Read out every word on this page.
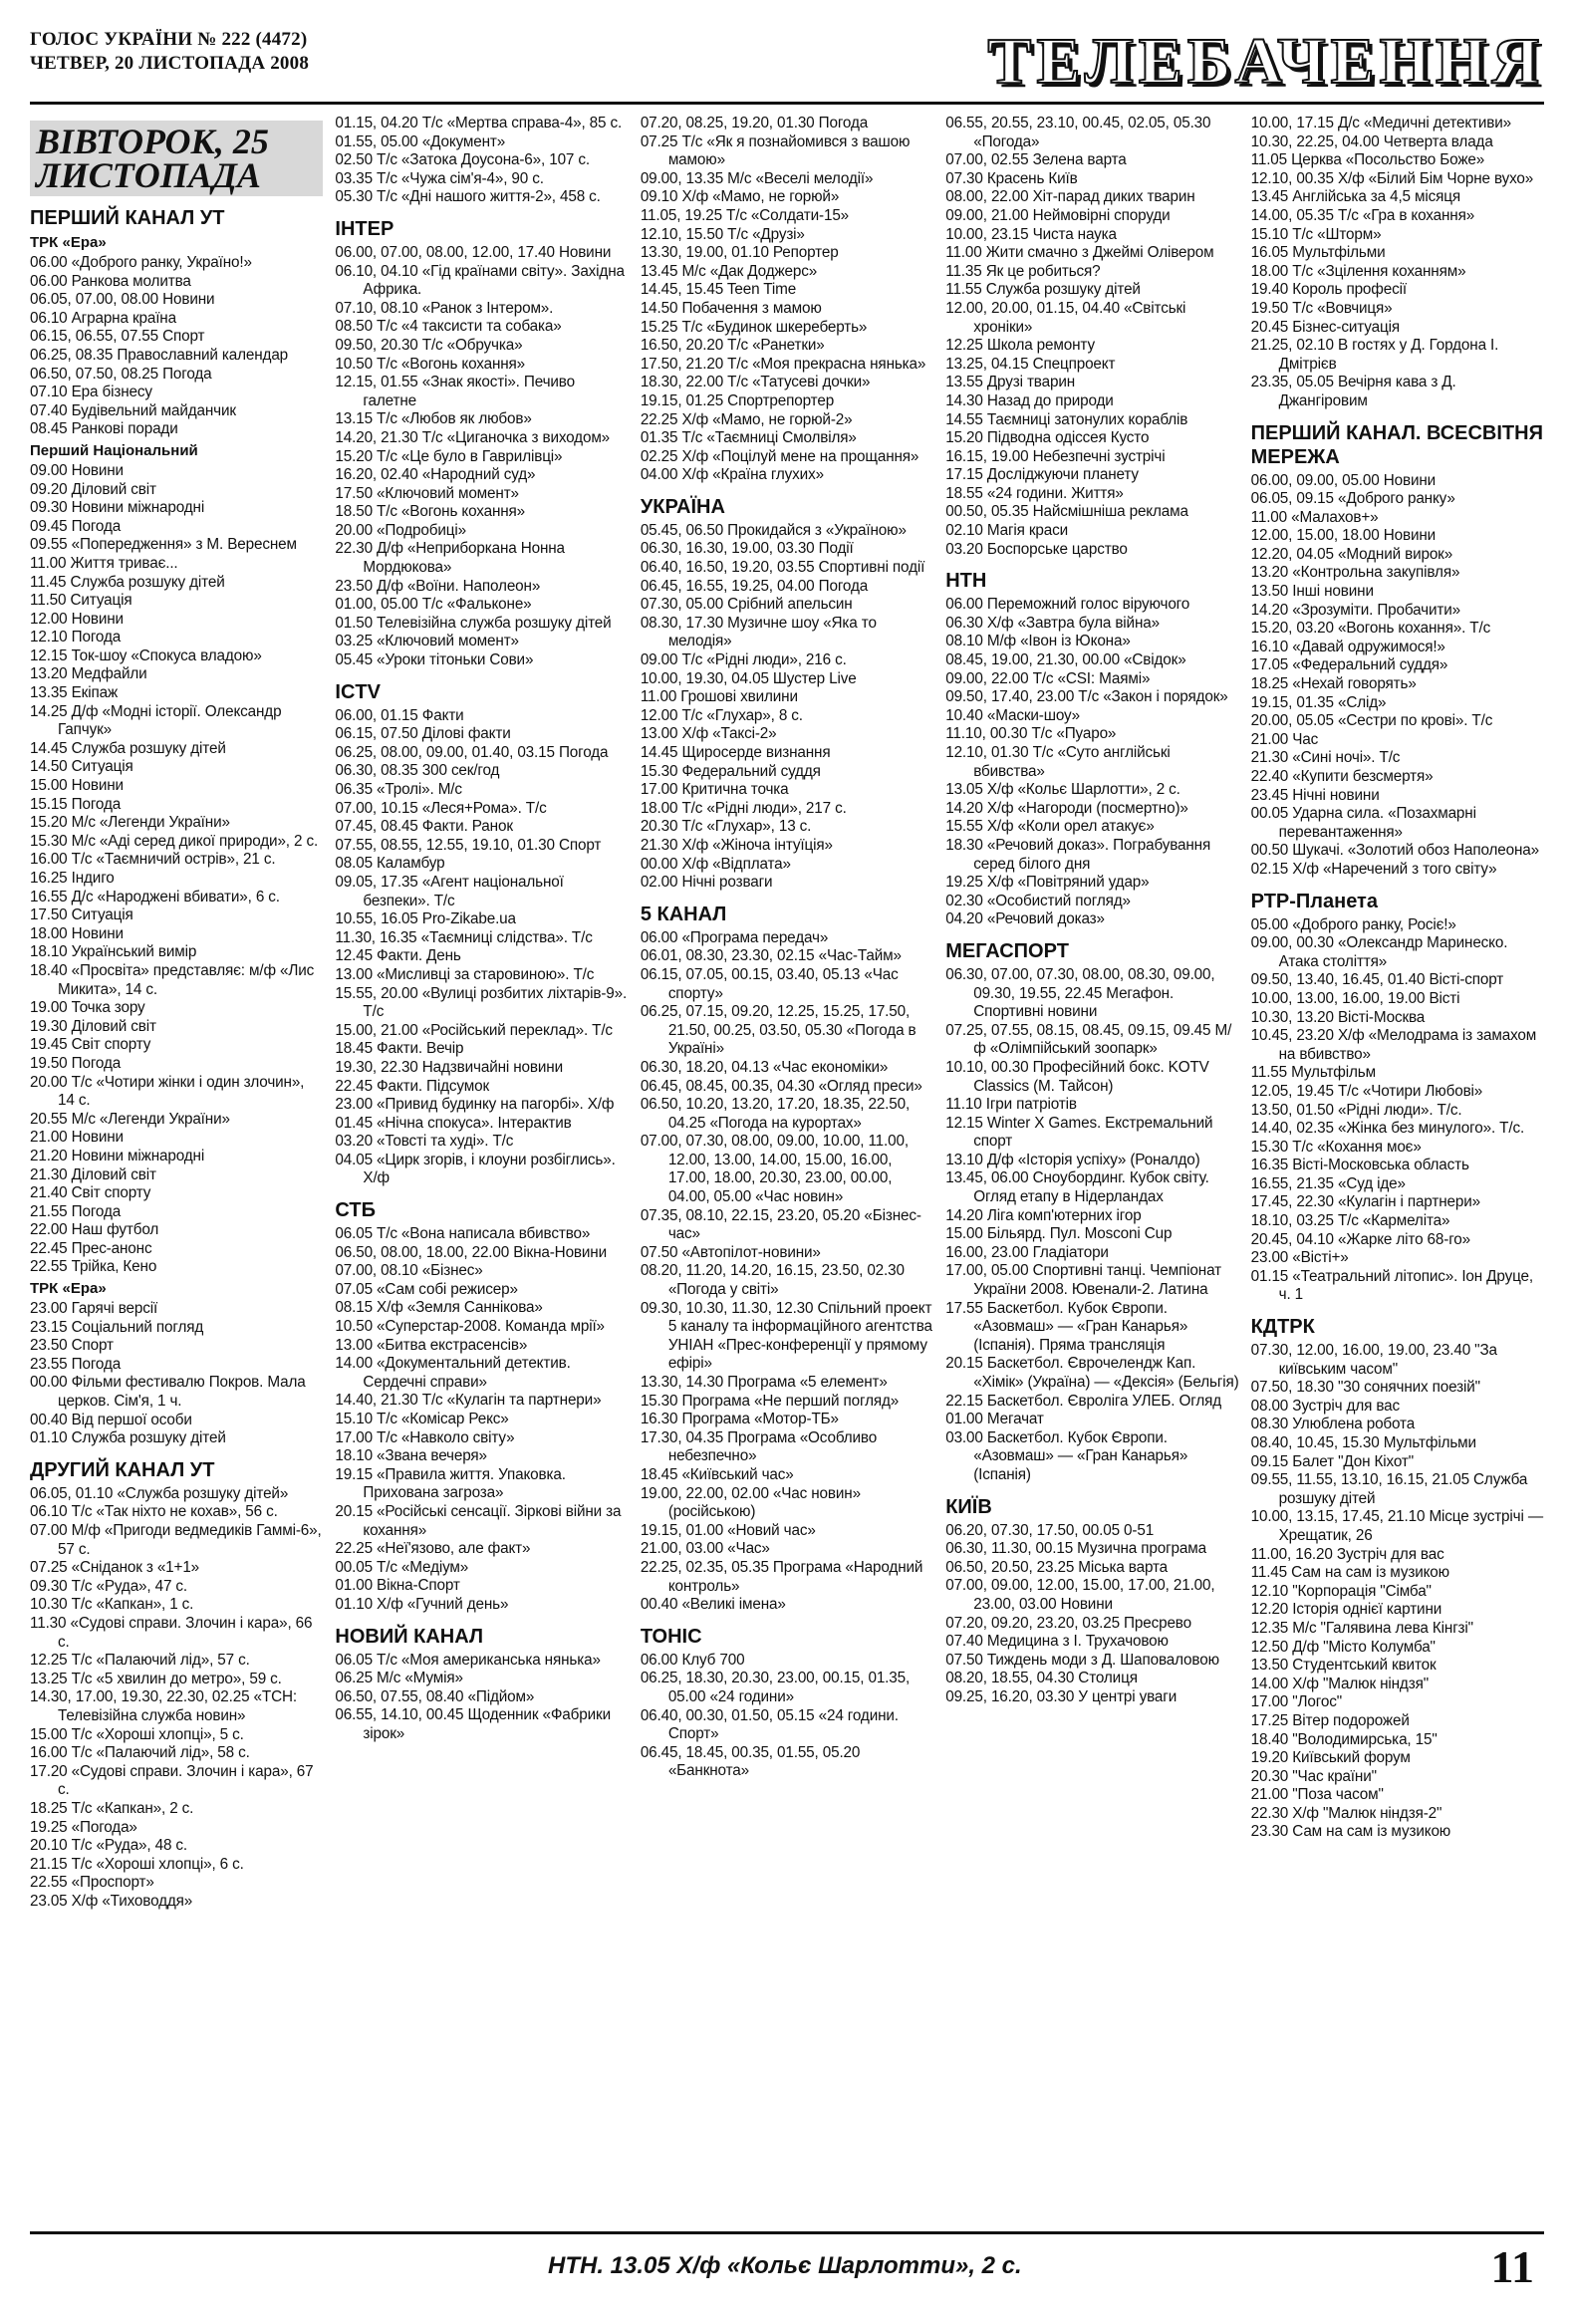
ГОЛОС УКРАЇНИ № 222 (4472)
ЧЕТВЕР, 20 ЛИСТОПАДА 2008	ТЕЛЕБАЧЕННЯ
ВІВТОРОК, 25 ЛИСТОПАДА
ПЕРШИЙ КАНАЛ УТ
ТРК «Ера»
06.00 «Доброго ранку, Україно!»
06.00 Ранкова молитва
06.05, 07.00, 08.00 Новини
06.10 Аграрна країна
06.15, 06.55, 07.55 Спорт
06.25, 08.35 Православний календар
06.50, 07.50, 08.25 Погода
07.10 Ера бізнесу
07.40 Будівельний майданчик
08.45 Ранкові поради
Перший Національний
09.00 Новини
09.20 Діловий світ
09.30 Новини міжнародні
09.45 Погода
09.55 «Попередження» з М. Вереснем
11.00 Життя триває...
11.45 Служба розшуку дітей
11.50 Ситуація
12.00 Новини
12.10 Погода
12.15 Ток-шоу «Спокуса владою»
13.20 Медфайли
13.35 Екіпаж
14.25 Д/ф «Модні історії. Олександр Гапчук»
14.45 Служба розшуку дітей
14.50 Ситуація
15.00 Новини
15.15 Погода
15.20 М/с «Легенди України»
15.30 М/с «Аді серед дикої природи», 2 с.
16.00 Т/с «Таємничий острів», 21 с.
16.25 Індиго
16.55 Д/с «Народжені вбивати», 6 с.
17.50 Ситуація
18.00 Новини
18.10 Український вимір
18.40 «Просвіта» представляє: м/ф «Лис Микита», 14 с.
19.00 Точка зору
19.30 Діловий світ
19.45 Світ спорту
19.50 Погода
20.00 Т/с «Чотири жінки і один злочин», 14 с.
20.55 М/с «Легенди України»
21.00 Новини
21.20 Новини міжнародні
21.30 Діловий світ
21.40 Світ спорту
21.55 Погода
22.00 Наш футбол
22.45 Прес-анонс
22.55 Трійка, Кено
ТРК «Ера»
23.00 Гарячі версії
23.15 Соціальний погляд
23.50 Спорт
23.55 Погода
00.00 Фільми фестивалю Покров. Мала церков. Сім'я, 1 ч.
00.40 Від першої особи
01.10 Служба розшуку дітей
ДРУГИЙ КАНАЛ УТ
06.05, 01.10 «Служба розшуку дітей»
06.10 Т/с «Так ніхто не кохав», 56 с.
07.00 М/ф «Пригоди ведмедиків Гаммі-6», 57 с.
07.25 «Сніданок з «1+1»
09.30 Т/с «Руда», 47 с.
10.30 Т/с «Капкан», 1 с.
11.30 «Судові справи. Злочин і кара», 66 с.
12.25 Т/с «Палаючий лід», 57 с.
13.25 Т/с «5 хвилин до метро», 59 с.
14.30, 17.00, 19.30, 22.30, 02.25 «ТСН: Телевізійна служба новин»
15.00 Т/с «Хороші хлопці», 5 с.
16.00 Т/с «Палаючий лід», 58 с.
17.20 «Судові справи. Злочин і кара», 67 с.
18.25 Т/с «Капкан», 2 с.
19.25 «Погода»
20.10 Т/с «Руда», 48 с.
21.15 Т/с «Хороші хлопці», 6 с.
22.55 «Проспорт»
23.05 Х/ф «Тиховоддя»
01.15, 04.20 Т/с «Мертва справа-4», 85 с.
01.55, 05.00 «Документ»
02.50 Т/с «Затока Доусона-6», 107 с.
03.35 Т/с «Чужа сім'я-4», 90 с.
05.30 Т/с «Дні нашого життя-2», 458 с.
ІНТЕР
06.00, 07.00, 08.00, 12.00, 17.40 Новини
06.10, 04.10 «Гід країнами світу». Західна Африка.
07.10, 08.10 «Ранок з Інтером».
08.50 Т/с «4 таксисти та собака»
09.50, 20.30 Т/с «Обручка»
10.50 Т/с «Вогонь кохання»
12.15, 01.55 «Знак якості». Печиво галетне
13.15 Т/с «Любов як любов»
14.20, 21.30 Т/с «Циганочка з виходом»
15.20 Т/с «Це було в Гаврилівці»
16.20, 02.40 «Народний суд»
17.50 «Ключовий момент»
18.50 Т/с «Вогонь кохання»
20.00 «Подробиці»
22.30 Д/ф «Неприборкана Нонна Мордюкова»
23.50 Д/ф «Воїни. Наполеон»
01.00, 05.00 Т/с «Фальконе»
01.50 Телевізійна служба розшуку дітей
03.25 «Ключовий момент»
05.45 «Уроки тітоньки Сови»
ICTV
06.00, 01.15 Факти
06.15, 07.50 Ділові факти
06.25, 08.00, 09.00, 01.40, 03.15 Погода
06.30, 08.35 300 сек/год
06.35 «Тролі». М/с
07.00, 10.15 «Леся+Рома». Т/с
07.45, 08.45 Факти. Ранок
07.55, 08.55, 12.55, 19.10, 01.30 Спорт
08.05 Каламбур
09.05, 17.35 «Агент національної безпеки». Т/с
10.55, 16.05 Pro-Zikabe.ua
11.30, 16.35 «Таємниці слідства». Т/с
12.45 Факти. День
13.00 «Мисливці за старовиною». Т/с
15.55, 20.00 «Вулиці розбитих ліхтарів-9». Т/с
15.00, 21.00 «Російський переклад». Т/с
18.45 Факти. Вечір
19.30, 22.30 Надзвичайні новини
22.45 Факти. Підсумок
23.00 «Привид будинку на пагорбі». Х/ф
01.45 «Нічна спокуса». Інтерактив
03.20 «Товсті та худі». Т/с
04.05 «Цирк згорів, і клоуни розбіглись». Х/ф
СТБ
06.05 Т/с «Вона написала вбивство»
06.50, 08.00, 18.00, 22.00 Вікна-Новини
07.00, 08.10 «Бізнес»
07.05 «Сам собі режисер»
08.15 Х/ф «Земля Саннікова»
10.50 «Суперстар-2008. Команда мрії»
13.00 «Битва екстрасенсів»
14.00 «Документальний детектив. Сердечні справи»
14.40, 21.30 Т/с «Кулагін та партнери»
15.10 Т/с «Комісар Рекс»
17.00 Т/с «Навколо світу»
18.10 «Звана вечеря»
19.15 «Правила життя. Упаковка. Прихована загроза»
20.15 «Російські сенсації. Зіркові війни за кохання»
22.25 «Неї'язово, але факт»
00.05 Т/с «Медіум»
01.00 Вікна-Спорт
01.10 Х/ф «Гучний день»
НОВИЙ КАНАЛ
06.05 Т/с «Моя американська нянька»
06.25 М/с «Мумія»
06.50, 07.55, 08.40 «Підйом»
06.55, 14.10, 00.45 Щоденник «Фабрики зірок»
07.20, 08.25, 19.20, 01.30 Погода
07.25 Т/с «Як я познайомився з вашою мамою»
09.00, 13.35 М/с «Веселі мелодії»
09.10 Х/ф «Мамо, не горюй»
11.05, 19.25 Т/с «Солдати-15»
12.10, 15.50 Т/с «Друзі»
13.30, 19.00, 01.10 Репортер
13.45 М/с «Дак Доджерс»
14.45, 15.45 Teen Time
14.50 Побачення з мамою
15.25 Т/с «Будинок шкереберть»
16.50, 20.20 Т/с «Ранетки»
17.50, 21.20 Т/с «Моя прекрасна нянька»
18.30, 22.00 Т/с «Татусеві дочки»
19.15, 01.25 Спортрепортер
22.25 Х/ф «Мамо, не горюй-2»
01.35 Т/с «Таємниці Смолвіля»
02.25 Х/ф «Поцілуй мене на прощання»
04.00 Х/ф «Країна глухих»
УКРАЇНА
05.45, 06.50 Прокидайся з «Україною»
06.30, 16.30, 19.00, 03.30 Події
06.40, 16.50, 19.20, 03.55 Спортивні події
06.45, 16.55, 19.25, 04.00 Погода
07.30, 05.00 Срібний апельсин
08.30, 17.30 Музичне шоу «Яка то мелодія»
09.00 Т/с «Рідні люди», 216 с.
10.00, 19.30, 04.05 Шустер Live
11.00 Грошові хвилини
12.00 Т/с «Глухар», 8 с.
13.00 Х/ф «Таксі-2»
14.45 Щиросерде визнання
15.30 Федеральний суддя
17.00 Критична точка
18.00 Т/с «Рідні люди», 217 с.
20.30 Т/с «Глухар», 13 с.
21.30 Х/ф «Жіноча інтуїція»
00.00 Х/ф «Відплата»
02.00 Нічні розваги
5 КАНАЛ
06.00 «Програма передач»
06.01, 08.30, 23.30, 02.15 «Час-Тайм»
06.15, 07.05, 00.15, 03.40, 05.13 «Час спорту»
06.25, 07.15, 09.20, 12.25, 15.25, 17.50, 21.50, 00.25, 03.50, 05.30 «Погода в Україні»
06.30, 18.20, 04.13 «Час економіки»
06.45, 08.45, 00.35, 04.30 «Огляд преси»
06.50, 10.20, 13.20, 17.20, 18.35, 22.50, 04.25 «Погода на курортах»
07.00, 07.30, 08.00, 09.00, 10.00, 11.00, 12.00, 13.00, 14.00, 15.00, 16.00, 17.00, 18.00, 20.30, 23.00, 00.00, 04.00, 05.00 «Час новин»
07.35, 08.10, 22.15, 23.20, 05.20 «Бізнес-час»
07.50 «Автопілот-новини»
08.20, 11.20, 14.20, 16.15, 23.50, 02.30 «Погода у світі»
09.30, 10.30, 11.30, 12.30 Спільний проект 5 каналу та інформаційного агентства УНІАН «Прес-конференції у прямому ефірі»
13.30, 14.30 Програма «5 елемент»
15.30 Програма «Не перший погляд»
16.30 Програма «Мотор-ТБ»
17.30, 04.35 Програма «Особливо небезпечно»
18.45 «Київський час»
19.00, 22.00, 02.00 «Час новин» (російською)
19.15, 01.00 «Новий час»
21.00, 03.00 «Час»
22.25, 02.35, 05.35 Програма «Народний контроль»
00.40 «Великі імена»
ТОНІС
06.00 Клуб 700
06.25, 18.30, 20.30, 23.00, 00.15, 01.35, 05.00 «24 години»
06.40, 00.30, 01.50, 05.15 «24 години. Спорт»
06.45, 18.45, 00.35, 01.55, 05.20 «Банкнота»
06.55, 20.55, 23.10, 00.45, 02.05, 05.30 «Погода»
07.00, 02.55 Зелена варта
07.30 Красень Київ
08.00, 22.00 Хіт-парад диких тварин
09.00, 21.00 Неймовірні споруди
10.00, 23.15 Чиста наука
11.00 Жити смачно з Джеймі Олівером
11.35 Як це робиться?
11.55 Служба розшуку дітей
12.00, 20.00, 01.15, 04.40 «Світські хроніки»
12.25 Школа ремонту
13.25, 04.15 Спецпроект
13.55 Друзі тварин
14.30 Назад до природи
14.55 Таємниці затонулих кораблів
15.20 Підводна одіссея Кусто
16.15, 19.00 Небезпечні зустрічі
17.15 Досліджуючи планету
18.55 «24 години. Життя»
00.50, 05.35 Найсмішніша реклама
02.10 Магія краси
03.20 Боспорське царство
НТН
06.00 Переможний голос віруючого
06.30 Х/ф «Завтра була війна»
08.10 М/ф «Івон із Юкона»
08.45, 19.00, 21.30, 00.00 «Свідок»
09.00, 22.00 Т/с «CSI: Маямі»
09.50, 17.40, 23.00 Т/с «Закон і порядок»
10.40 «Маски-шоу»
11.10, 00.30 Т/с «Пуаро»
12.10, 01.30 Т/с «Суто англійські вбивства»
13.05 Х/ф «Кольє Шарлотти», 2 с.
14.20 Х/ф «Нагороди (посмертно)»
15.55 Х/ф «Коли орел атакує»
18.30 «Речовий доказ». Пограбування серед білого дня
19.25 Х/ф «Повітряний удар»
02.30 «Особистий погляд»
04.20 «Речовий доказ»
МЕГАСПОРТ
06.30, 07.00, 07.30, 08.00, 08.30, 09.00, 09.30, 19.55, 22.45 Мегафон. Спортивні новини
07.25, 07.55, 08.15, 08.45, 09.15, 09.45 М/ф «Олімпійський зоопарк»
10.10, 00.30 Професійний бокс. KOTV Classics (М. Тайсон)
11.10 Ігри патріотів
12.15 Winter X Games. Екстремальний спорт
13.10 Д/ф «Історія успіху» (Роналдо)
13.45, 06.00 Сноубординг. Кубок світу. Огляд етапу в Нідерландах
14.20 Ліга комп'ютерних ігор
15.00 Більярд. Пул. Mosconi Cup
16.00, 23.00 Гладіатори
17.00, 05.00 Спортивні танці. Чемпіонат України 2008. Ювенали-2. Латина
17.55 Баскетбол. Кубок Європи. «Азовмаш» — «Гран Канарья» (Іспанія). Пряма трансляція
20.15 Баскетбол. Єврочелендж Кап. «Хімік» (Україна) — «Дексія» (Бельгія)
22.15 Баскетбол. Євроліга УЛЕБ. Огляд
01.00 Мегачат
03.00 Баскетбол. Кубок Європи. «Азовмаш» — «Гран Канарья» (Іспанія)
КИЇВ
06.20, 07.30, 17.50, 00.05 0-51
06.30, 11.30, 00.15 Музична програма
06.50, 20.50, 23.25 Міська варта
07.00, 09.00, 12.00, 15.00, 17.00, 21.00, 23.00, 03.00 Новини
07.20, 09.20, 23.20, 03.25 Пресрево
07.40 Медицина з І. Трухачовою
07.50 Тиждень моди з Д. Шаповаловою
08.20, 18.55, 04.30 Столиця
09.25, 16.20, 03.30 У центрі уваги
10.00, 17.15 Д/с «Медичні детективи»
10.30, 22.25, 04.00 Четверта влада
11.05 Церква «Посольство Боже»
12.10, 00.35 Х/ф «Білий Бім Чорне вухо»
13.45 Англійська за 4,5 місяця
14.00, 05.35 Т/с «Гра в кохання»
15.10 Т/с «Шторм»
16.05 Мультфільми
18.00 Т/с «Зцілення коханням»
19.40 Король професії
19.50 Т/с «Вовчиця»
20.45 Бізнес-ситуація
21.25, 02.10 В гостях у Д. Гордона І. Дмітрієв
23.35, 05.05 Вечірня кава з Д. Джангіровим
ПЕРШИЙ КАНАЛ. ВСЕСВІТНЯ МЕРЕЖА
06.00, 09.00, 05.00 Новини
06.05, 09.15 «Доброго ранку»
11.00 «Малахов+»
12.00, 15.00, 18.00 Новини
12.20, 04.05 «Модний вирок»
13.20 «Контрольна закупівля»
13.50 Інші новини
14.20 «Зрозуміти. Пробачити»
15.20, 03.20 «Вогонь кохання». Т/с
16.10 «Давай одружимося!»
17.05 «Федеральний суддя»
18.25 «Нехай говорять»
19.15, 01.35 «Слід»
20.00, 05.05 «Сестри по крові». Т/с
21.00 Час
21.30 «Сині ночі». Т/с
22.40 «Купити безсмертя»
23.45 Нічні новини
00.05 Ударна сила. «Позахмарні перевантаження»
00.50 Шукачі. «Золотий обоз Наполеона»
02.15 Х/ф «Наречений з того світу»
РТР-Планета
05.00 «Доброго ранку, Росіє!»
09.00, 00.30 «Олександр Маринеско. Атака століття»
09.50, 13.40, 16.45, 01.40 Вісті-спорт
10.00, 13.00, 16.00, 19.00 Вісті
10.30, 13.20 Вісті-Москва
10.45, 23.20 Х/ф «Мелодрама із замахом на вбивство»
11.55 Мультфільм
12.05, 19.45 Т/с «Чотири Любові»
13.50, 01.50 «Рідні люди». Т/с.
14.40, 02.35 «Жінка без минулого». Т/с.
15.30 Т/с «Кохання моє»
16.35 Вісті-Московська область
16.55, 21.35 «Суд іде»
17.45, 22.30 «Кулагін і партнери»
18.10, 03.25 Т/с «Кармеліта»
20.45, 04.10 «Жарке літо 68-го»
23.00 «Вісті+»
01.15 «Театральний літопис». Іон Друце, ч. 1
КДТРК
07.30, 12.00, 16.00, 19.00, 23.40 "За київським часом"
07.50, 18.30 "30 сонячних поезій"
08.00 Зустріч для вас
08.30 Улюблена робота
08.40, 10.45, 15.30 Мультфільми
09.15 Балет "Дон Кіхот"
09.55, 11.55, 13.10, 16.15, 21.05 Служба розшуку дітей
10.00, 13.15, 17.45, 21.10 Місце зустрічі — Хрещатик, 26
11.00, 16.20 Зустріч для вас
11.45 Сам на сам із музикою
12.10 "Корпорація "Сімба"
12.20 Історія однієї картини
12.35 М/с "Галявина лева Кінгзі"
12.50 Д/ф "Місто Колумба"
13.50 Студентський квиток
14.00 Х/ф "Малюк ніндзя"
17.00 "Логос"
17.25 Вітер подорожей
18.40 "Володимирська, 15"
19.20 Київський форум
20.30 "Час країни"
21.00 "Поза часом"
22.30 Х/ф "Малюк ніндзя-2"
23.30 Сам на сам із музикою
НТН. 13.05 Х/ф «Кольє Шарлотти», 2 с.	11
